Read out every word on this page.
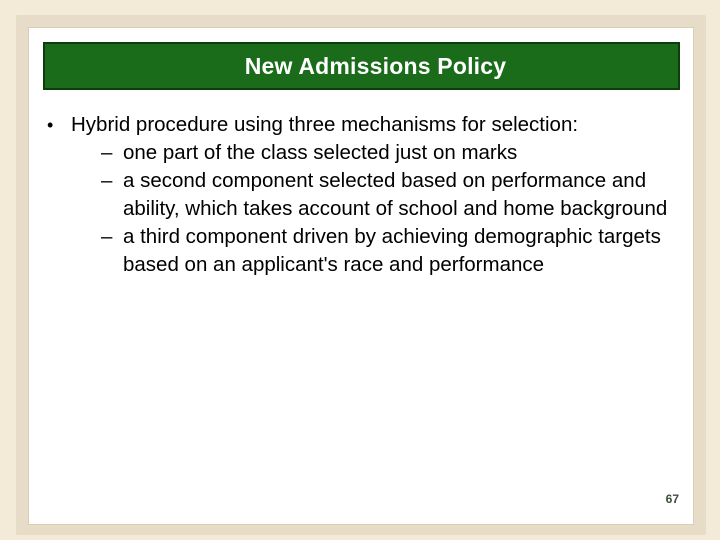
New Admissions Policy
• Hybrid procedure using three mechanisms for selection:
– one part of the class selected just on marks
– a second component selected based on performance and ability, which takes account of school and home background
– a third component driven by achieving demographic targets based on an applicant's race and performance
67
